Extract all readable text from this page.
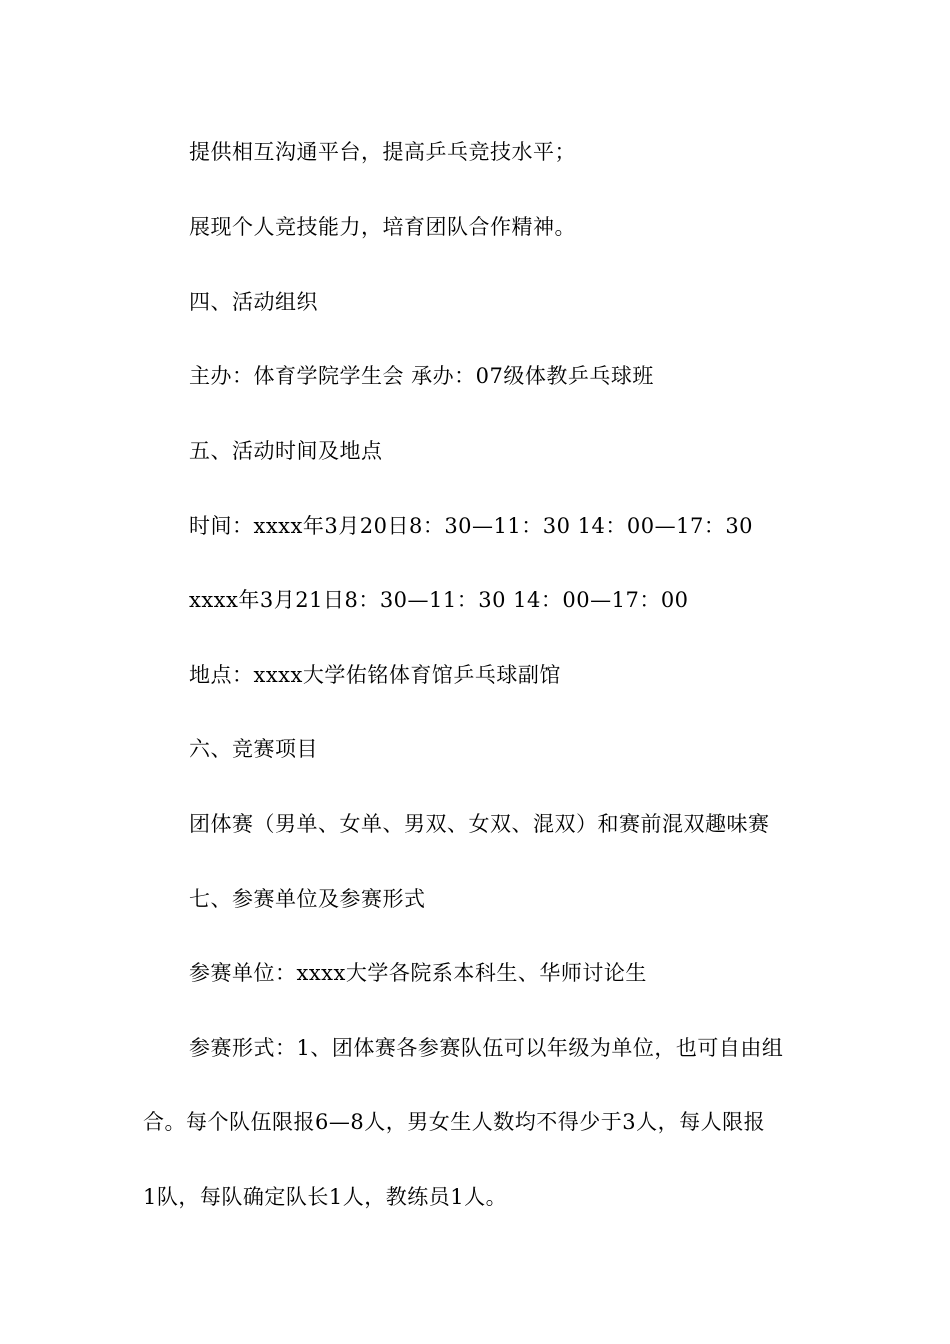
提供相互沟通平台，提高乒乓竞技水平；
展现个人竞技能力，培育团队合作精神。
四、活动组织
主办：体育学院学生会 承办：07级体教乒乓球班
五、活动时间及地点
时间：xxxx年3月20日8：30—11：30 14：00—17：30
xxxx年3月21日8：30—11：30 14：00—17：00
地点：xxxx大学佑铭体育馆乒乓球副馆
六、竞赛项目
团体赛（男单、女单、男双、女双、混双）和赛前混双趣味赛
七、参赛单位及参赛形式
参赛单位：xxxx大学各院系本科生、华师讨论生
参赛形式：1、团体赛各参赛队伍可以年级为单位，也可自由组
合。每个队伍限报6—8人，男女生人数均不得少于3人，每人限报
1队，每队确定队长1人，教练员1人。
